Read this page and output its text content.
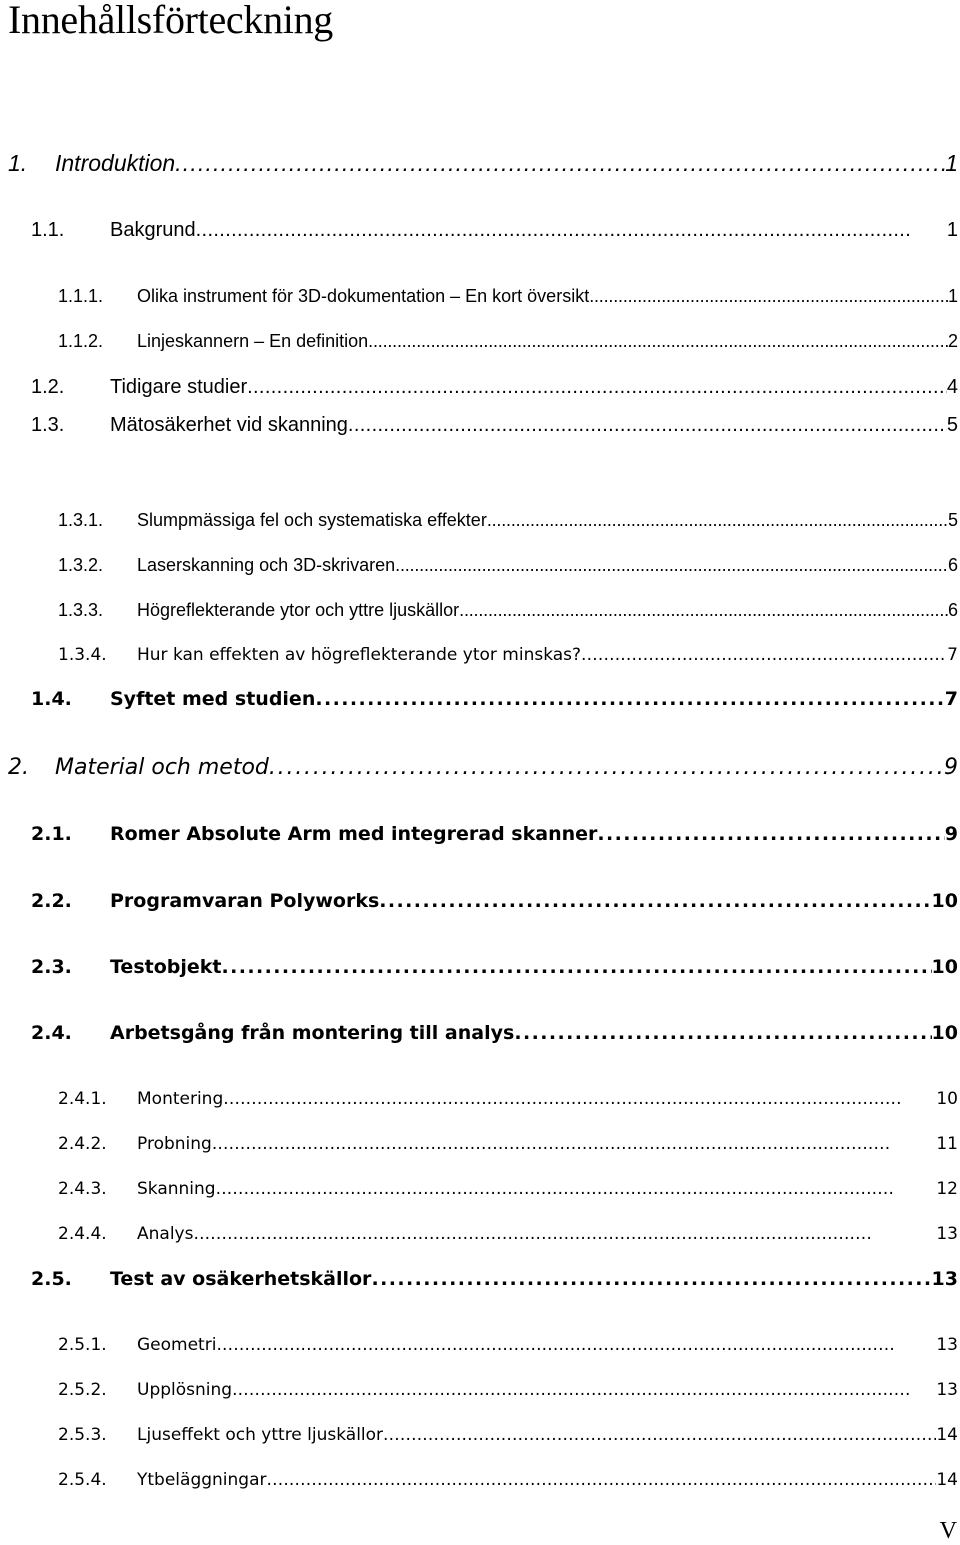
Innehållsförteckning
1.	Introduktion . . .	1
1.1.	Bakgrund . . .	1
1.1.1.	Olika instrument för 3D-dokumentation – En kort översikt . . .	1
1.1.2.	Linjeskannern – En definition . . .	2
1.2.	Tidigare studier . . .	4
1.3.	Mätosäkerhet vid skanning . . .	5
1.3.1.	Slumpmässiga fel och systematiska effekter . . .	5
1.3.2.	Laserskanning och 3D-skrivaren . . .	6
1.3.3.	Högreflekterande ytor och yttre ljuskällor . . .	6
1.3.4.	Hur kan effekten av högreflekterande ytor minskas? . . .	7
1.4.	Syftet med studien . . .	7
2.	Material och metod . . .	9
2.1.	Romer Absolute Arm med integrerad skanner . . .	9
2.2.	Programvaran Polyworks . . .	10
2.3.	Testobjekt . . .	10
2.4.	Arbetsgång från montering till analys . . .	10
2.4.1.	Montering . . .	10
2.4.2.	Probning . . .	11
2.4.3.	Skanning . . .	12
2.4.4.	Analys . . .	13
2.5.	Test av osäkerhetskällor . . .	13
2.5.1.	Geometri . . .	13
2.5.2.	Upplösning . . .	13
2.5.3.	Ljuseffekt och yttre ljuskällor . . .	14
2.5.4.	Ytbeläggningar . . .	14
V
